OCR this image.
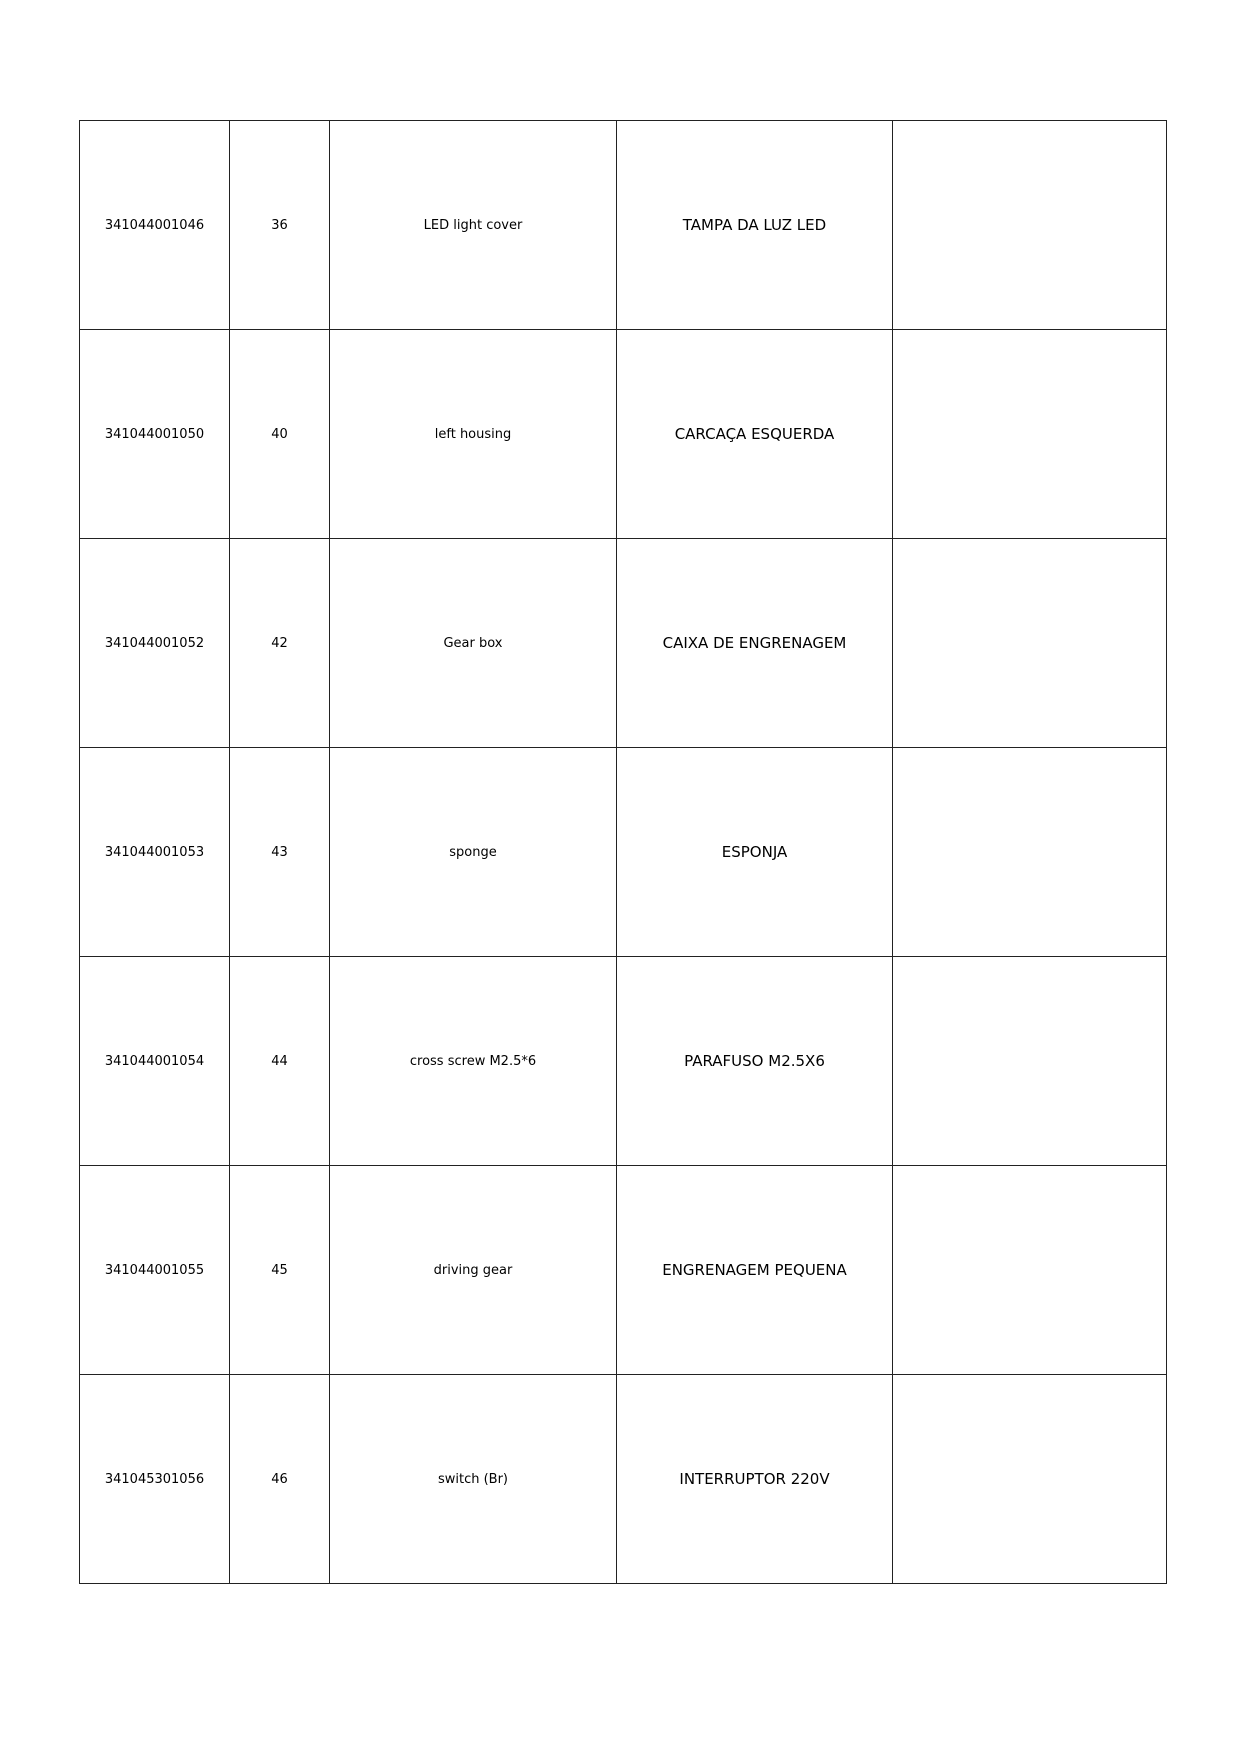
341044001046	36	LED light cover	TAMPA DA LUZ LED	
341044001050	40	left housing	CARCAÇA ESQUERDA	
341044001052	42	Gear box	CAIXA DE ENGRENAGEM	
341044001053	43	sponge	ESPONJA	
341044001054	44	cross screw M2.5*6	PARAFUSO M2.5X6	
341044001055	45	driving gear	ENGRENAGEM PEQUENA	
341045301056	46	switch (Br)	INTERRUPTOR 220V	
